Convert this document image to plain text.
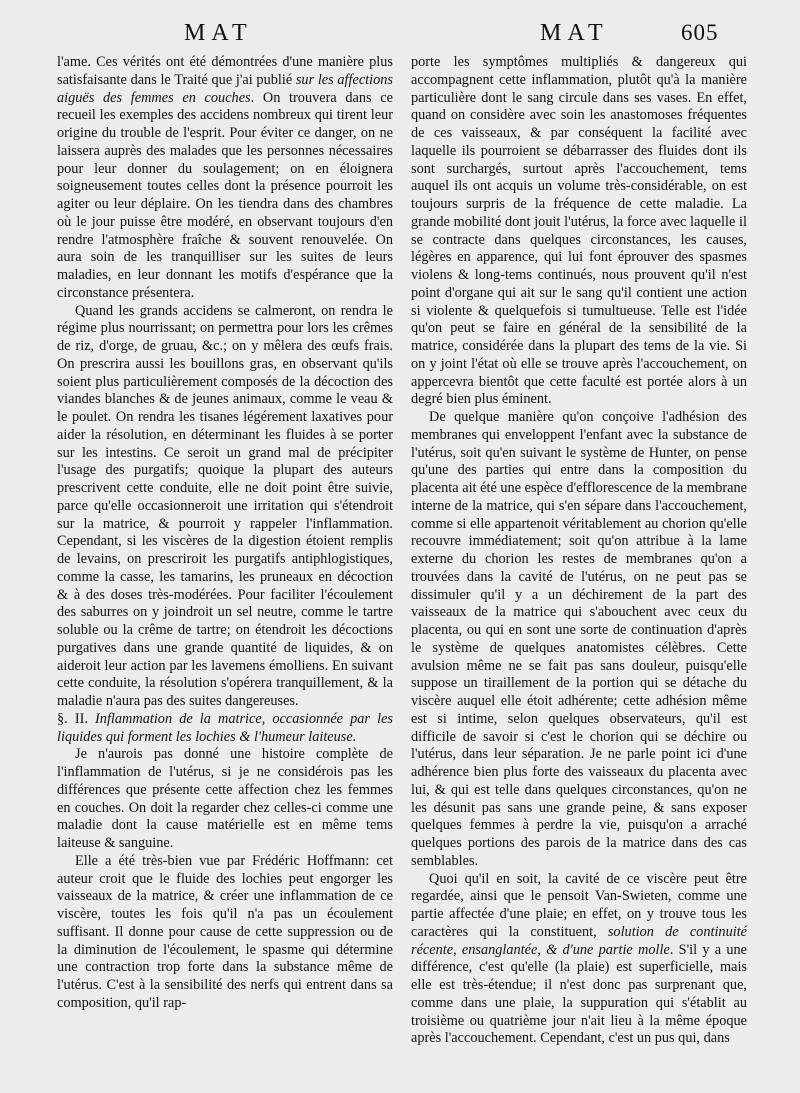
MAT	MAT	605

l'ame. Ces vérités ont été démontrées d'une manière plus satisfaisante dans le Traité que j'ai publié sur les affections aiguës des femmes en couches. On trouvera dans ce recueil les exemples des accidens nombreux qui tirent leur origine du trouble de l'esprit. Pour éviter ce danger, on ne laissera auprès des malades que les personnes nécessaires pour leur donner du soulagement; on en éloignera soigneusement toutes celles dont la présence pourroit les agiter ou leur déplaire. On les tiendra dans des chambres où le jour puisse être modéré, en observant toujours d'en rendre l'atmosphère fraîche & souvent renouvelée. On aura soin de les tranquilliser sur les suites de leurs maladies, en leur donnant les motifs d'espérance que la circonstance présentera.

Quand les grands accidens se calmeront, on rendra le régime plus nourrissant; on permettra pour lors les crêmes de riz, d'orge, de gruau, &c.; on y mêlera des œufs frais. On prescrira aussi les bouillons gras, en observant qu'ils soient plus particulièrement composés de la décoction des viandes blanches & de jeunes animaux, comme le veau & le poulet. On rendra les tisanes légérement laxatives pour aider la résolution, en déterminant les fluides à se porter sur les intestins. Ce seroit un grand mal de précipiter l'usage des purgatifs; quoique la plupart des auteurs prescrivent cette conduite, elle ne doit point être suivie, parce qu'elle occasionneroit une irritation qui s'étendroit sur la matrice, & pourroit y rappeler l'inflammation. Cependant, si les viscères de la digestion étoient remplis de levains, on prescriroit les purgatifs antiphlogistiques, comme la casse, les tamarins, les pruneaux en décoction & à des doses très-modérées. Pour faciliter l'écoulement des saburres on y joindroit un sel neutre, comme le tartre soluble ou la crême de tartre; on étendroit les décoctions purgatives dans une grande quantité de liquides, & on aideroit leur action par les lavemens émolliens. En suivant cette conduite, la résolution s'opérera tranquillement, & la maladie n'aura pas des suites dangereuses.

§. II. Inflammation de la matrice, occasionnée par les liquides qui forment les lochies & l'humeur laiteuse.

Je n'aurois pas donné une histoire complète de l'inflammation de l'utérus, si je ne considérois pas les différences que présente cette affection chez les femmes en couches. On doit la regarder chez celles-ci comme une maladie dont la cause matérielle est en même tems laiteuse & sanguine.

Elle a été très-bien vue par Frédéric Hoffmann: cet auteur croit que le fluide des lochies peut engorger les vaisseaux de la matrice, & créer une inflammation de ce viscère, toutes les fois qu'il n'a pas un écoulement suffisant. Il donne pour cause de cette suppression ou de la diminution de l'écoulement, le spasme qui détermine une contraction trop forte dans la substance même de l'utérus. C'est à la sensibilité des nerfs qui entrent dans sa composition, qu'il rap-

porte les symptômes multipliés & dangereux qui accompagnent cette inflammation, plutôt qu'à la manière particulière dont le sang circule dans ses vases. En effet, quand on considère avec soin les anastomoses fréquentes de ces vaisseaux, & par conséquent la facilité avec laquelle ils pourroient se débarrasser des fluides dont ils sont surchargés, surtout après l'accouchement, tems auquel ils ont acquis un volume très-considérable, on est toujours surpris de la fréquence de cette maladie. La grande mobilité dont jouit l'utérus, la force avec laquelle il se contracte dans quelques circonstances, les causes, légères en apparence, qui lui font éprouver des spasmes violens & long-tems continués, nous prouvent qu'il n'est point d'organe qui ait sur le sang qu'il contient une action si violente & quelquefois si tumultueuse. Telle est l'idée qu'on peut se faire en général de la sensibilité de la matrice, considérée dans la plupart des tems de la vie. Si on y joint l'état où elle se trouve après l'accouchement, on appercevra bientôt que cette faculté est portée alors à un degré bien plus éminent.

De quelque manière qu'on conçoive l'adhésion des membranes qui enveloppent l'enfant avec la substance de l'utérus, soit qu'en suivant le système de Hunter, on pense qu'une des parties qui entre dans la composition du placenta ait été une espèce d'efflorescence de la membrane interne de la matrice, qui s'en sépare dans l'accouchement, comme si elle appartenoit véritablement au chorion qu'elle recouvre immédiatement; soit qu'on attribue à la lame externe du chorion les restes de membranes qu'on a trouvées dans la cavité de l'utérus, on ne peut pas se dissimuler qu'il y a un déchirement de la part des vaisseaux de la matrice qui s'abouchent avec ceux du placenta, ou qui en sont une sorte de continuation d'après le système de quelques anatomistes célèbres. Cette avulsion même ne se fait pas sans douleur, puisqu'elle suppose un tiraillement de la portion qui se détache du viscère auquel elle étoit adhérente; cette adhésion même est si intime, selon quelques observateurs, qu'il est difficile de savoir si c'est le chorion qui se déchire ou l'utérus, dans leur séparation. Je ne parle point ici d'une adhérence bien plus forte des vaisseaux du placenta avec lui, & qui est telle dans quelques circonstances, qu'on ne les désunit pas sans une grande peine, & sans exposer quelques femmes à perdre la vie, puisqu'on a arraché quelques portions des parois de la matrice dans des cas semblables.

Quoi qu'il en soit, la cavité de ce viscère peut être regardée, ainsi que le pensoit Van-Swieten, comme une partie affectée d'une plaie; en effet, on y trouve tous les caractères qui la constituent, solution de continuité récente, ensanglantée, & d'une partie molle. S'il y a une différence, c'est qu'elle (la plaie) est superficielle, mais elle est très-étendue; il n'est donc pas surprenant que, comme dans une plaie, la suppuration qui s'établit au troisième ou quatrième jour n'ait lieu à la même époque après l'accouchement. Cependant, c'est un pus qui, dans
